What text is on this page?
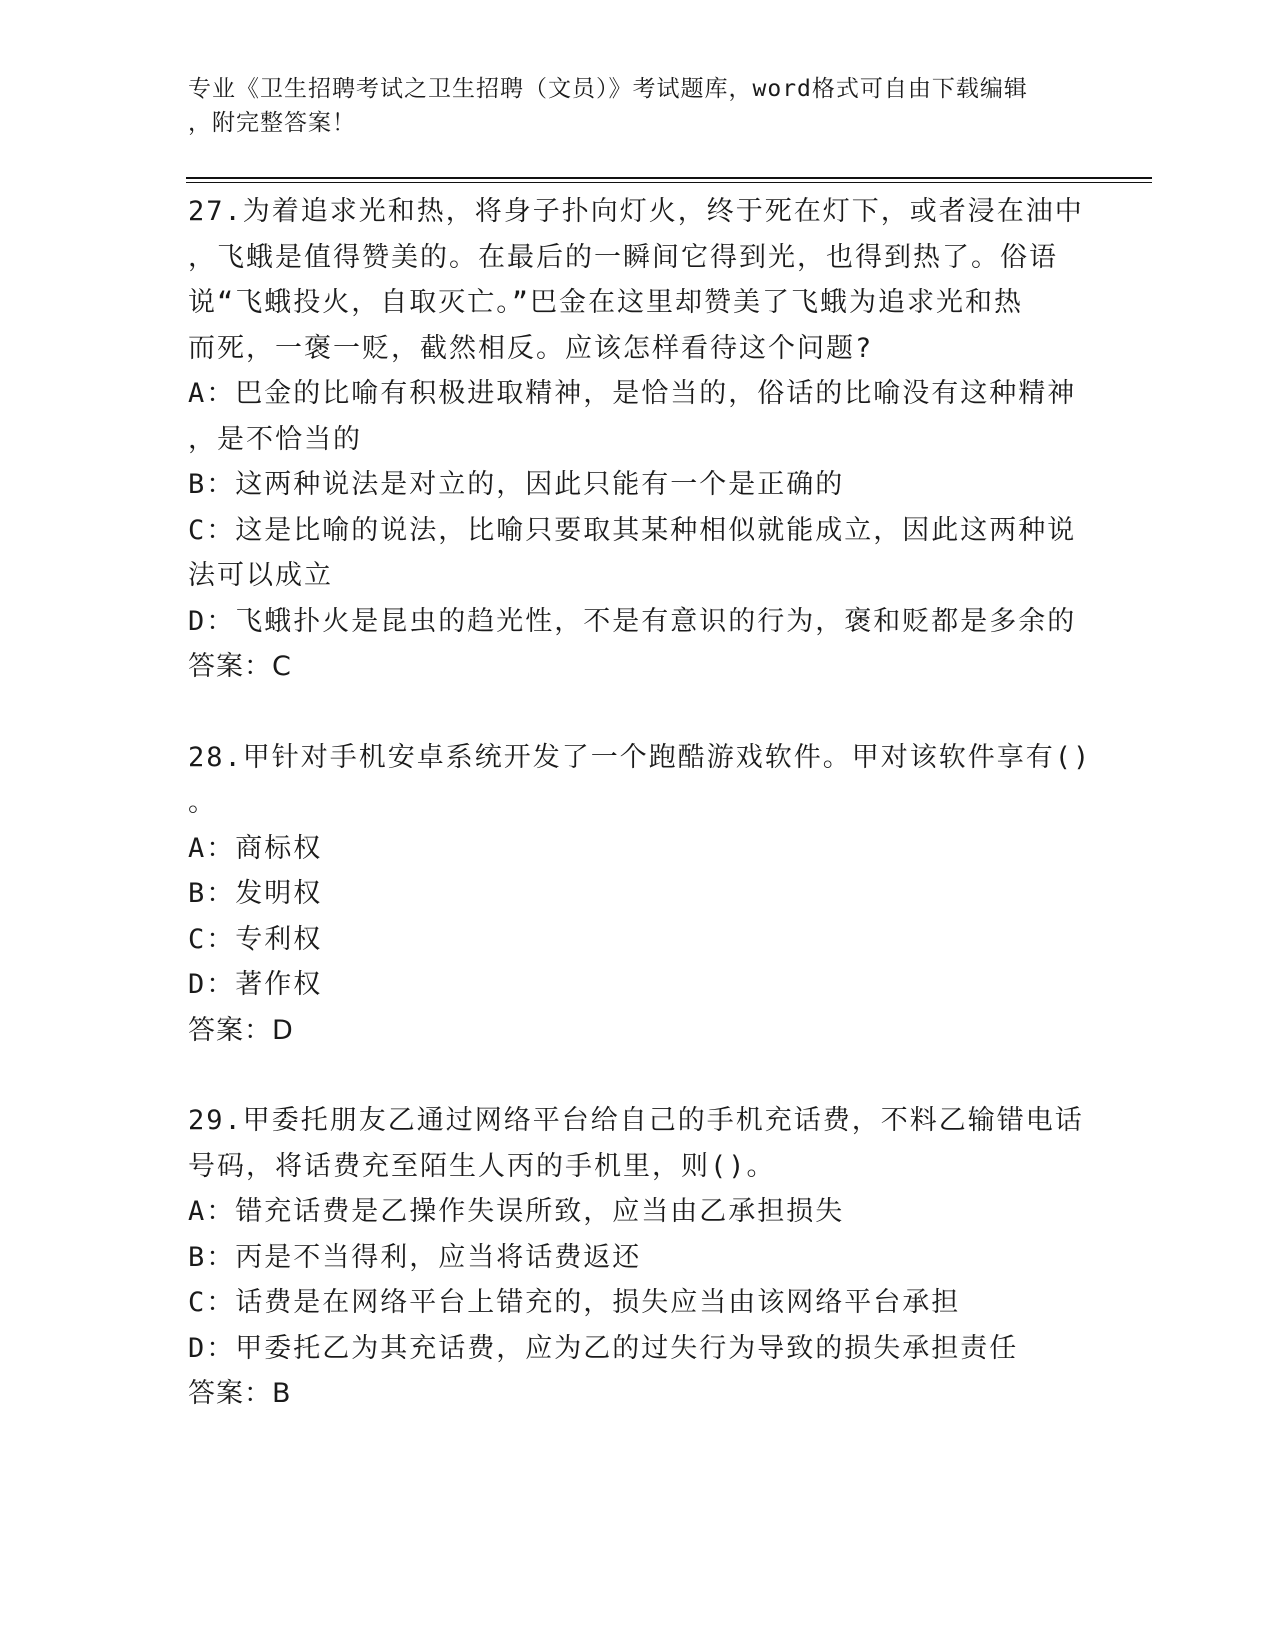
专业《卫生招聘考试之卫生招聘（文员）》考试题库，word格式可自由下载编辑
，附完整答案！
27.为着追求光和热，将身子扑向灯火，终于死在灯下，或者浸在油中
，飞蛾是值得赞美的。在最后的一瞬间它得到光，也得到热了。俗语
说“飞蛾投火，自取灭亡。”巴金在这里却赞美了飞蛾为追求光和热
而死，一褒一贬，截然相反。应该怎样看待这个问题?
A：巴金的比喻有积极进取精神，是恰当的，俗话的比喻没有这种精神
，是不恰当的
B：这两种说法是对立的，因此只能有一个是正确的
C：这是比喻的说法，比喻只要取其某种相似就能成立，因此这两种说
法可以成立
D：飞蛾扑火是昆虫的趋光性，不是有意识的行为，褒和贬都是多余的
答案：C
28.甲针对手机安卓系统开发了一个跑酷游戏软件。甲对该软件享有()
。
A：商标权
B：发明权
C：专利权
D：著作权
答案：D
29.甲委托朋友乙通过网络平台给自己的手机充话费，不料乙输错电话
号码，将话费充至陌生人丙的手机里，则()。
A：错充话费是乙操作失误所致，应当由乙承担损失
B：丙是不当得利，应当将话费返还
C：话费是在网络平台上错充的，损失应当由该网络平台承担
D：甲委托乙为其充话费，应为乙的过失行为导致的损失承担责任
答案：B
